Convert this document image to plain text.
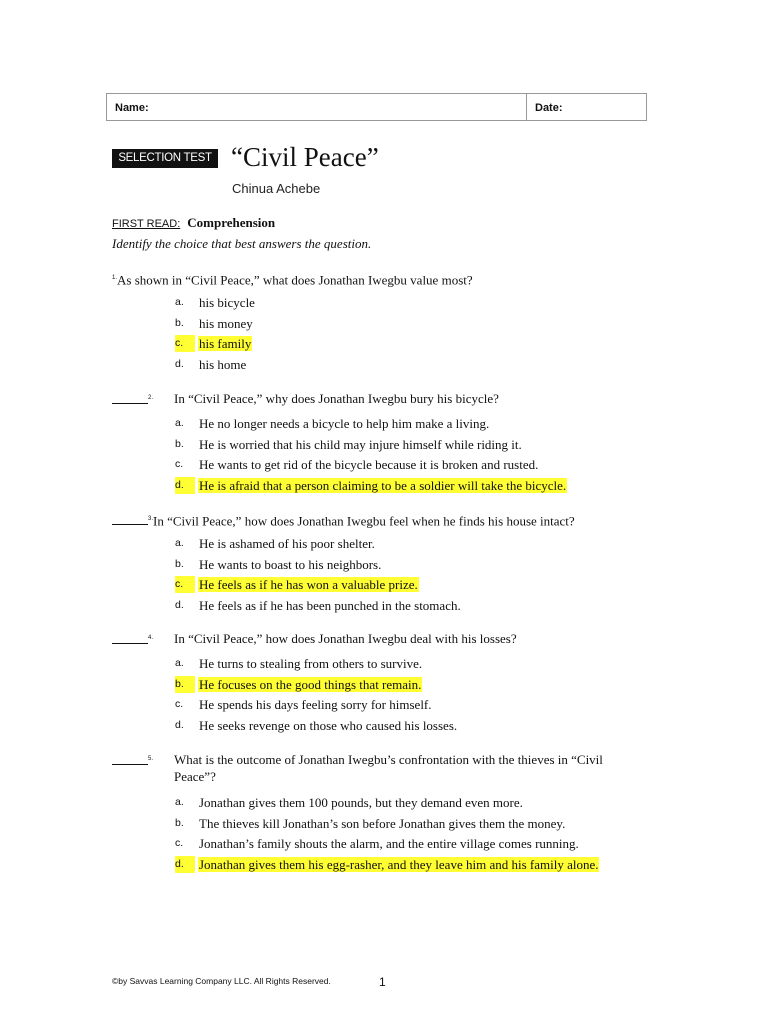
Name:	Date:
SELECTION TEST “Civil Peace”
Chinua Achebe
FIRST READ: Comprehension
Identify the choice that best answers the question.
$^{1.}$As shown in “Civil Peace,” what does Jonathan Iwegbu value most?
a.	his bicycle
b.	his money
c.	his family
d.	his home
$^{2.}$ In “Civil Peace,” why does Jonathan Iwegbu bury his bicycle?
a.	He no longer needs a bicycle to help him make a living.
b.	He is worried that his child may injure himself while riding it.
c.	He wants to get rid of the bicycle because it is broken and rusted.
d.	He is afraid that a person claiming to be a soldier will take the bicycle.
$^{3.}$In “Civil Peace,” how does Jonathan Iwegbu feel when he finds his house intact?
a.	He is ashamed of his poor shelter.
b.	He wants to boast to his neighbors.
c.	He feels as if he has won a valuable prize.
d.	He feels as if he has been punched in the stomach.
$^{4.}$ In “Civil Peace,” how does Jonathan Iwegbu deal with his losses?
a.	He turns to stealing from others to survive.
b.	He focuses on the good things that remain.
c.	He spends his days feeling sorry for himself.
d.	He seeks revenge on those who caused his losses.
$^{5.}$ What is the outcome of Jonathan Iwegbu’s confrontation with the thieves in “Civil Peace”?
a.	Jonathan gives them 100 pounds, but they demand even more.
b.	The thieves kill Jonathan’s son before Jonathan gives them the money.
c.	Jonathan’s family shouts the alarm, and the entire village comes running.
d.	Jonathan gives them his egg-rasher, and they leave him and his family alone.
©by Savvas Learning Company LLC. All Rights Reserved.	1
